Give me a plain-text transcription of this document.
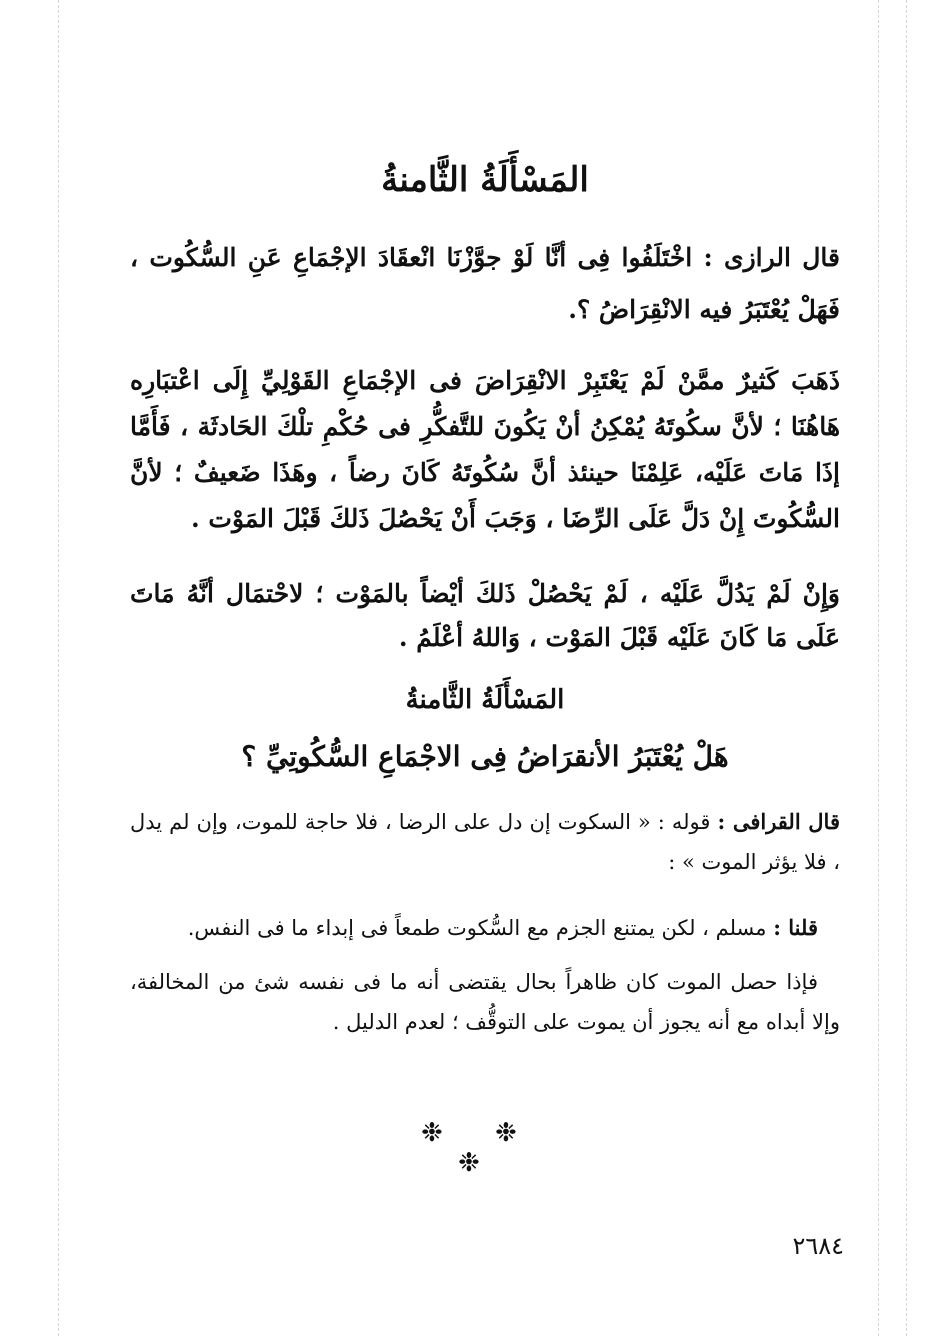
المَسْأَلَةُ الثَّامنةُ
قال الرازى : اخْتَلَفُوا فِى أنَّا لَوْ جوَّزْنَا انْعقَادَ الإجْمَاعِ عَنِ السُّكُوت ، فَهَلْ يُعْتَبَرُ فيه الانْقِرَاضُ ؟.
ذَهَبَ كَثيرٌ ممَّنْ لَمْ يَعْتَبِرْ الانْقِرَاضَ فى الإجْمَاعِ القَوْلِيِّ إِلَى اعْتبَارِه هَاهُنَا ؛ لأنَّ سكُوتَهُ يُمْكِنُ أنْ يَكُونَ للتَّفكُّرِ فى حُكْمِ تلْكَ الحَادثَة ، فَأَمَّا إذَا مَاتَ عَلَيْه، عَلِمْنَا حينئذ أنَّ سُكُوتَهُ كَانَ رضاً ، وهَذَا ضَعيفٌ ؛ لأنَّ السُّكُوتَ إِنْ دَلَّ عَلَى الرِّضَا ، وَجَبَ أَنْ يَحْصُلَ ذَلكَ قَبْلَ المَوْت .
وَإِنْ لَمْ يَدُلَّ عَلَيْه ، لَمْ يَحْصُلْ ذَلكَ أيْضاً بالمَوْت ؛ لاحْتمَال أنَّهُ مَاتَ عَلَى مَا كَانَ عَلَيْه قَبْلَ المَوْت ، وَاللهُ أعْلَمُ .
المَسْأَلَةُ الثَّامنةُ
هَلْ يُعْتَبَرُ الأنقرَاضُ فِى الاجْمَاعِ السُّكُوتِيِّ ؟
قال القرافى : قوله : « السكوت إن دل على الرضا ، فلا حاجة للموت، وإن لم يدل ، فلا يؤثر الموت » :
قلنا : مسلم ، لكن يمتنع الجزم مع السُّكوت طمعاً فى إبداء ما فى النفس.
فإذا حصل الموت كان ظاهراً بحال يقتضى أنه ما فى نفسه شئ من المخالفة، وإلا أبداه مع أنه يجوز أن يموت على التوقُّف ؛ لعدم الدليل .
❉ ❉ ❉
٢٦٨٤
